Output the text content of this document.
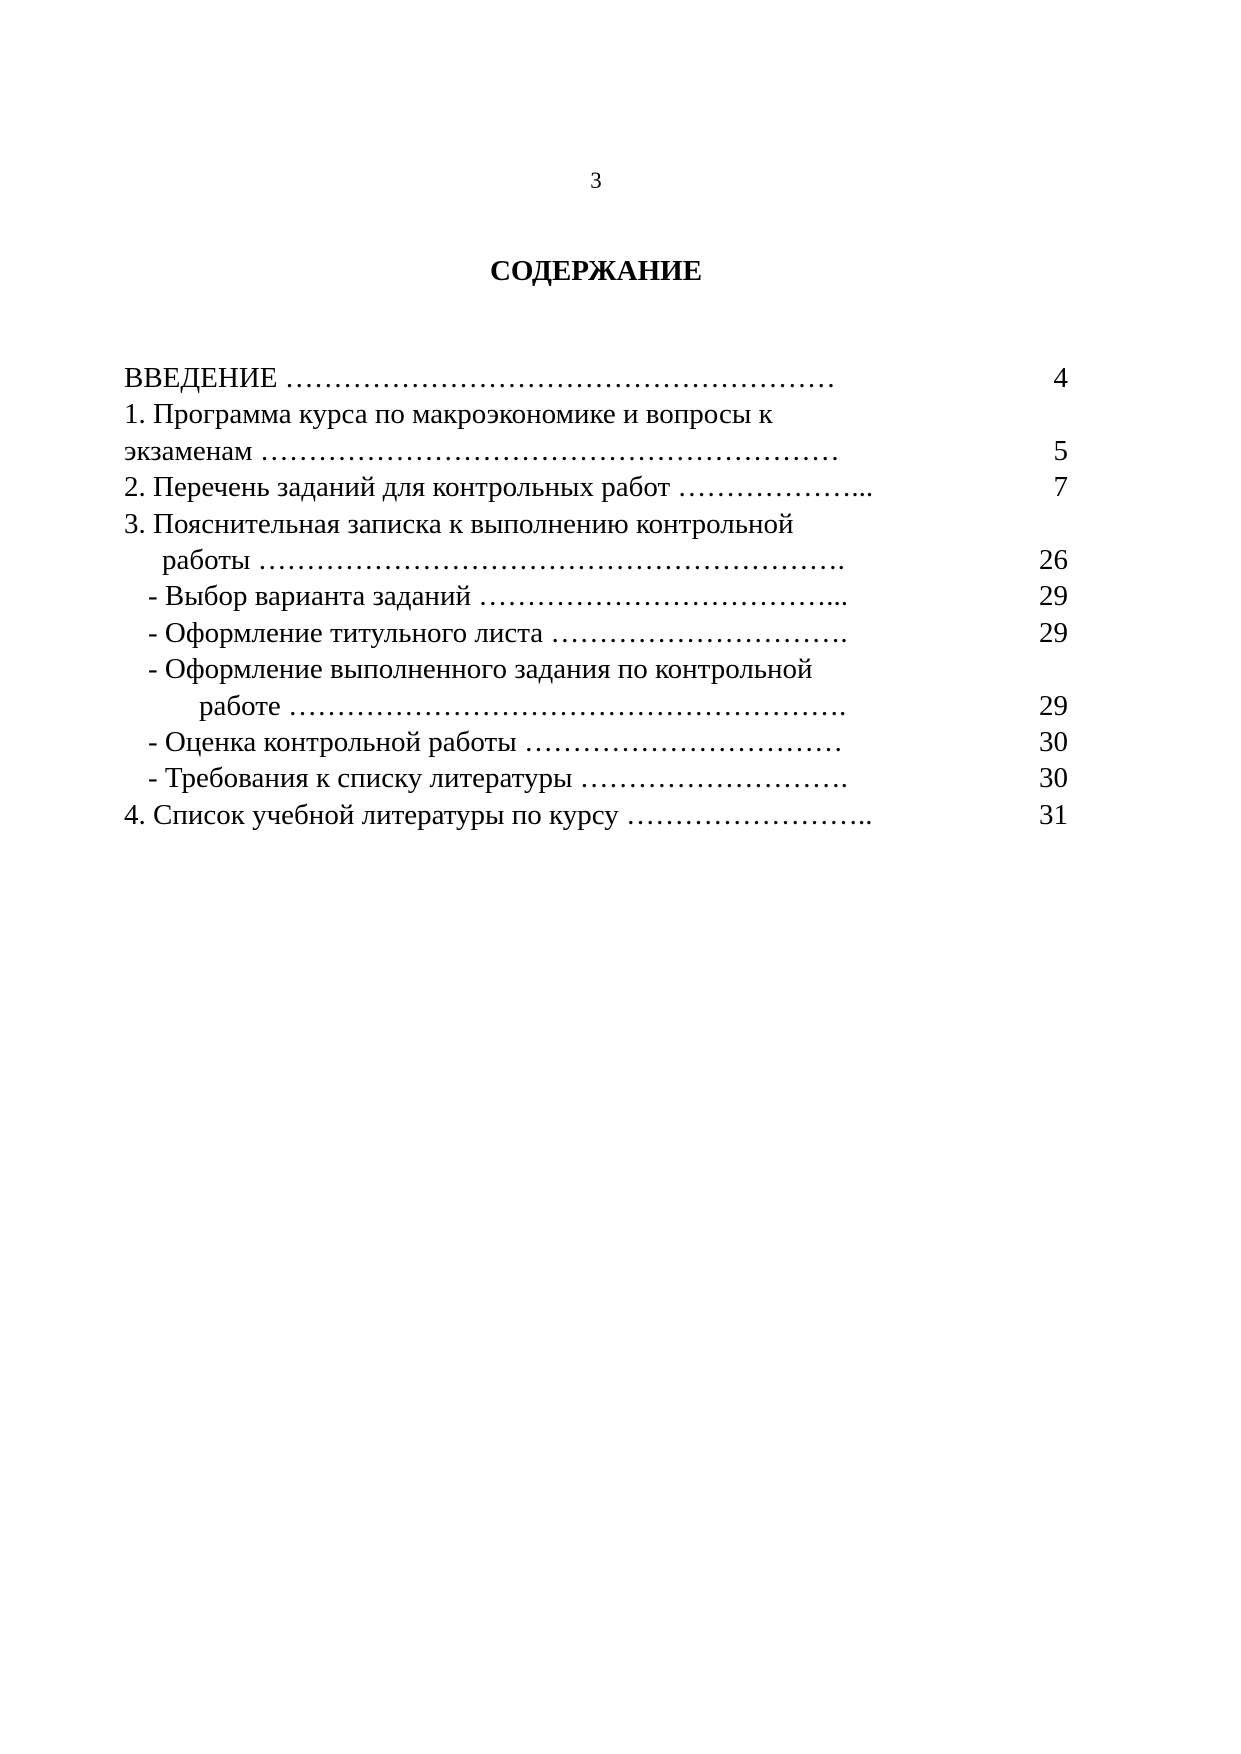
3
СОДЕРЖАНИЕ
ВВЕДЕНИЕ …………………………………………………	4
1. Программа курса по макроэкономике и вопросы к
экзаменам ……………………………………………………	5
2. Перечень заданий для контрольных работ ………………...	7
3. Пояснительная записка к выполнению контрольной
работы …………………………………………………….	26
- Выбор варианта заданий ………………………………...	29
- Оформление титульного листа ………………………….	29
- Оформление выполненного задания по контрольной
работе ………………………………………………….	29
- Оценка контрольной работы ……………………………	30
- Требования к списку литературы ……………………….	30
4. Список учебной литературы по курсу ……………………..	31
